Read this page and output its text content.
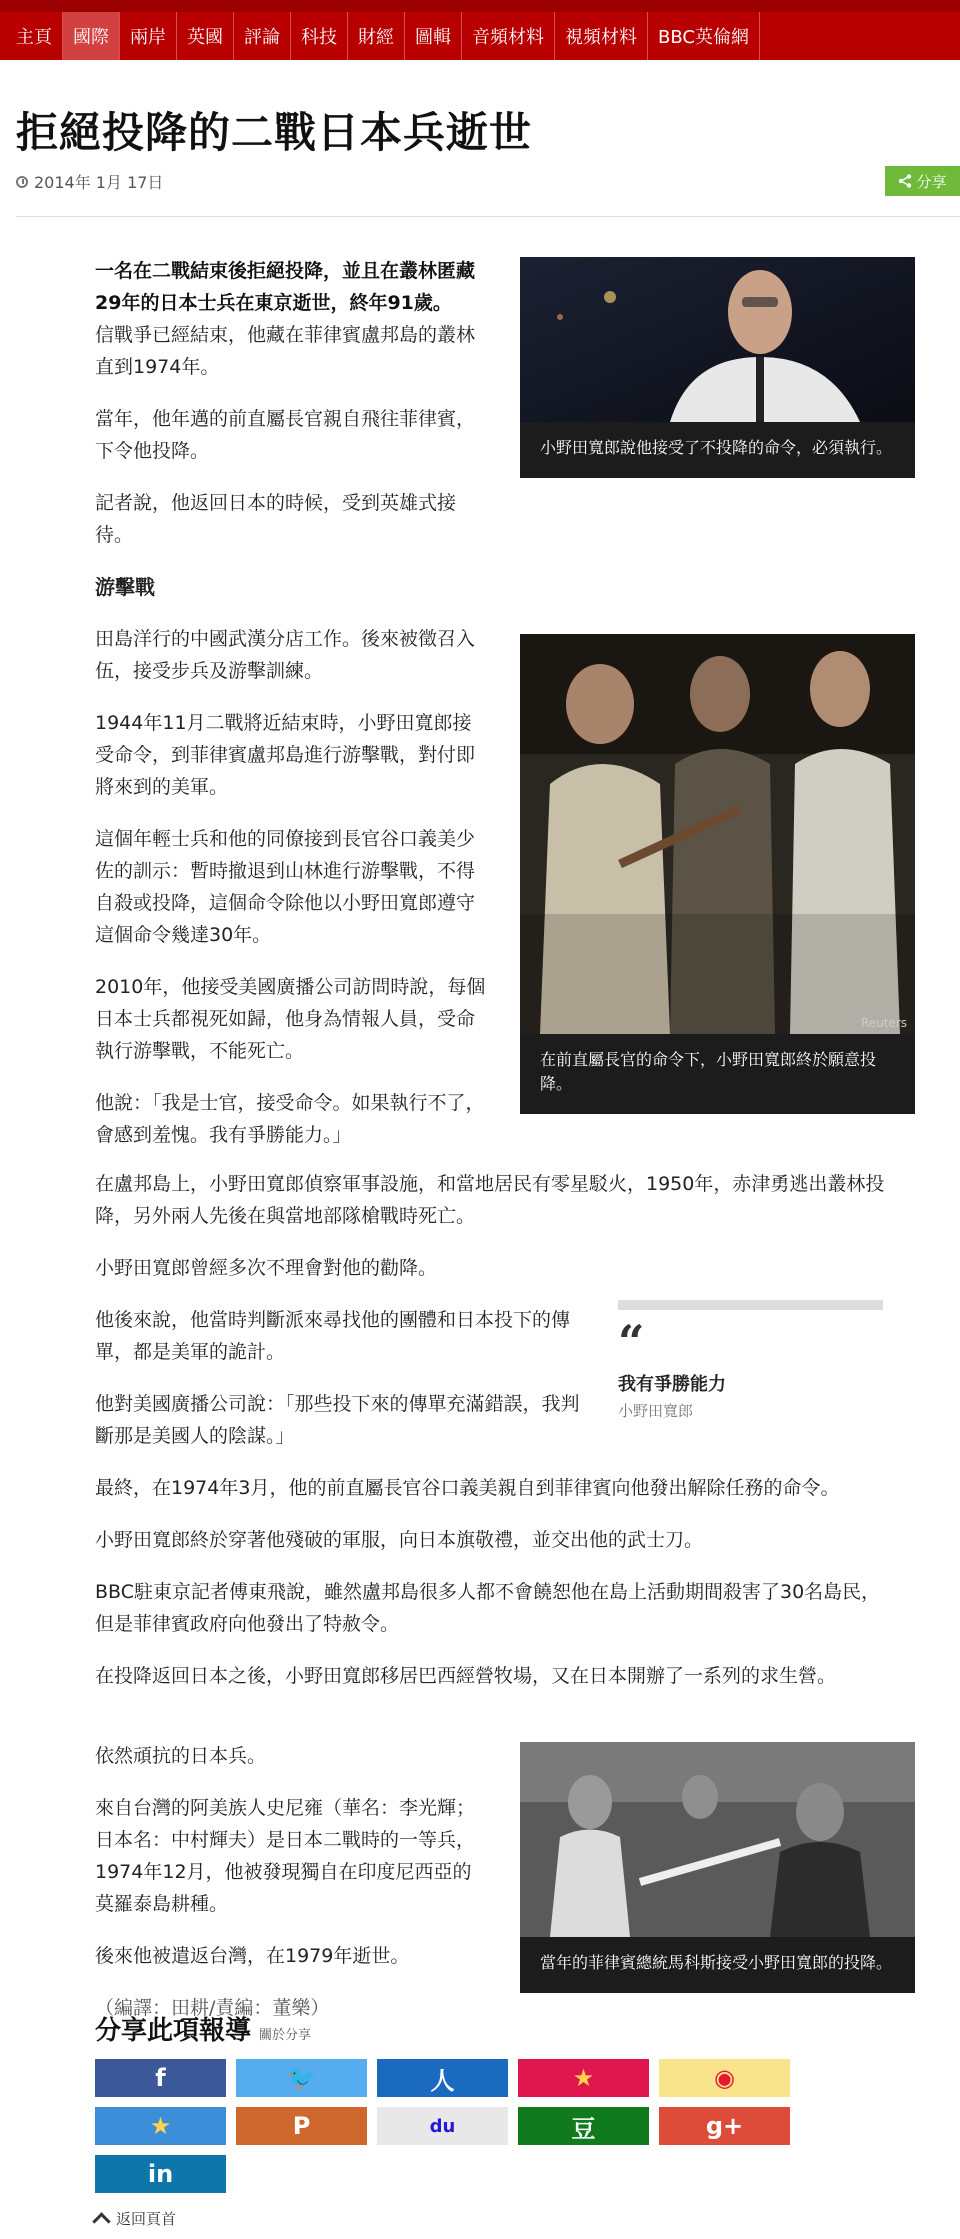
主頁	國際	兩岸	英國	評論	科技	財經	圖輯	音頻材料	視頻材料	BBC英倫網
拒絕投降的二戰日本兵逝世
2014年 1月 17日	分享

一名在二戰結束後拒絕投降，並且在叢林匿藏29年的日本士兵在東京逝世，終年91歲。

信戰爭已經結束，他藏在菲律賓盧邦島的叢林直到1974年。

當年，他年邁的前直屬長官親自飛往菲律賓，下令他投降。

記者說，他返回日本的時候，受到英雄式接待。

游擊戰

田島洋行的中國武漢分店工作。後來被徵召入伍，接受步兵及游擊訓練。

1944年11月二戰將近結束時，小野田寬郎接受命令，到菲律賓盧邦島進行游擊戰，對付即將來到的美軍。

這個年輕士兵和他的同僚接到長官谷口義美少佐的訓示：暫時撤退到山林進行游擊戰，不得自殺或投降，這個命令除他以小野田寬郎遵守這個命令幾達30年。

2010年，他接受美國廣播公司訪問時說，每個日本士兵都視死如歸，他身為情報人員，受命執行游擊戰，不能死亡。

他說：「我是士官，接受命令。如果執行不了，會感到羞愧。我有爭勝能力。」

在盧邦島上，小野田寬郎偵察軍事設施，和當地居民有零星駁火，1950年，赤津勇逃出叢林投降，另外兩人先後在與當地部隊槍戰時死亡。

小野田寬郎曾經多次不理會對他的勸降。

他後來說，他當時判斷派來尋找他的團體和日本投下的傳單，都是美軍的詭計。

他對美國廣播公司說：「那些投下來的傳單充滿錯誤，我判斷那是美國人的陰謀。」

最終，在1974年3月，他的前直屬長官谷口義美親自到菲律賓向他發出解除任務的命令。

小野田寬郎終於穿著他殘破的軍服，向日本旗敬禮，並交出他的武士刀。

BBC駐東京記者傅東飛說，雖然盧邦島很多人都不會饒恕他在島上活動期間殺害了30名島民，但是菲律賓政府向他發出了特赦令。

在投降返回日本之後，小野田寬郎移居巴西經營牧場，又在日本開辦了一系列的求生營。

依然頑抗的日本兵。

來自台灣的阿美族人史尼雍（華名：李光輝；日本名：中村輝夫）是日本二戰時的一等兵，1974年12月，他被發現獨自在印度尼西亞的莫羅泰島耕種。

後來他被遣返台灣，在1979年逝世。

（編譯：田耕/責編：董樂）

小野田寬郎說他接受了不投降的命令，必須執行。
Reuters
在前直屬長官的命令下，小野田寬郎終於願意投降。
“
我有爭勝能力
小野田寬郎
當年的菲律賓總統馬科斯接受小野田寬郎的投降。
分享此項報導 關於分享
f	🐦	人	★	◉
★	P	du	豆	g+
in
返回頁首
